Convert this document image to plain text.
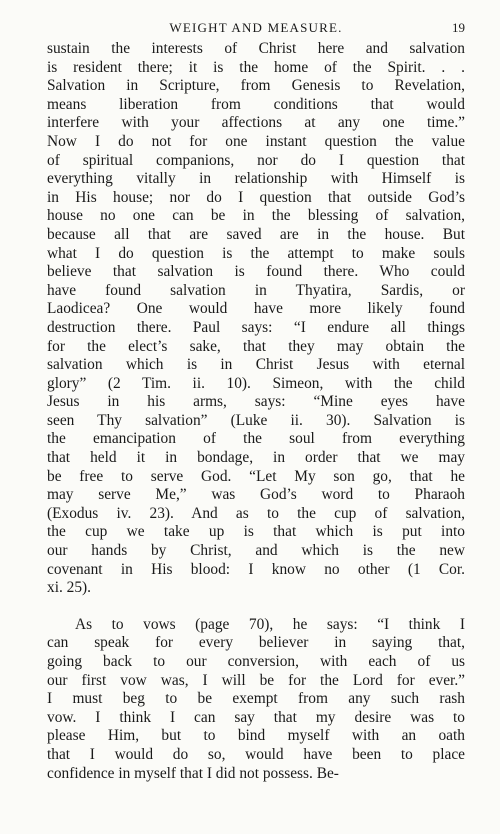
WEIGHT AND MEASURE.	19

sustain the interests of Christ here and salvation
is resident there; it is the home of the Spirit. . .
Salvation in Scripture, from Genesis to Revelation,
means liberation from conditions that would
interfere with your affections at any one time.”
Now I do not for one instant question the value
of spiritual companions, nor do I question that
everything vitally in relationship with Himself is
in His house; nor do I question that outside God’s
house no one can be in the blessing of salvation,
because all that are saved are in the house. But
what I do question is the attempt to make souls
believe that salvation is found there. Who could
have found salvation in Thyatira, Sardis, or
Laodicea? One would have more likely found
destruction there. Paul says: “I endure all things
for the elect’s sake, that they may obtain the
salvation which is in Christ Jesus with eternal
glory” (2 Tim. ii. 10). Simeon, with the child
Jesus in his arms, says: “Mine eyes have
seen Thy salvation” (Luke ii. 30). Salvation is
the emancipation of the soul from everything
that held it in bondage, in order that we may
be free to serve God. “Let My son go, that he
may serve Me,” was God’s word to Pharaoh
(Exodus iv. 23). And as to the cup of salvation,
the cup we take up is that which is put into
our hands by Christ, and which is the new
covenant in His blood: I know no other (1 Cor.
xi. 25).

As to vows (page 70), he says: “I think I
can speak for every believer in saying that,
going back to our conversion, with each of us
our first vow was, I will be for the Lord for ever.”
I must beg to be exempt from any such rash
vow. I think I can say that my desire was to
please Him, but to bind myself with an oath
that I would do so, would have been to place
confidence in myself that I did not possess. Be-
